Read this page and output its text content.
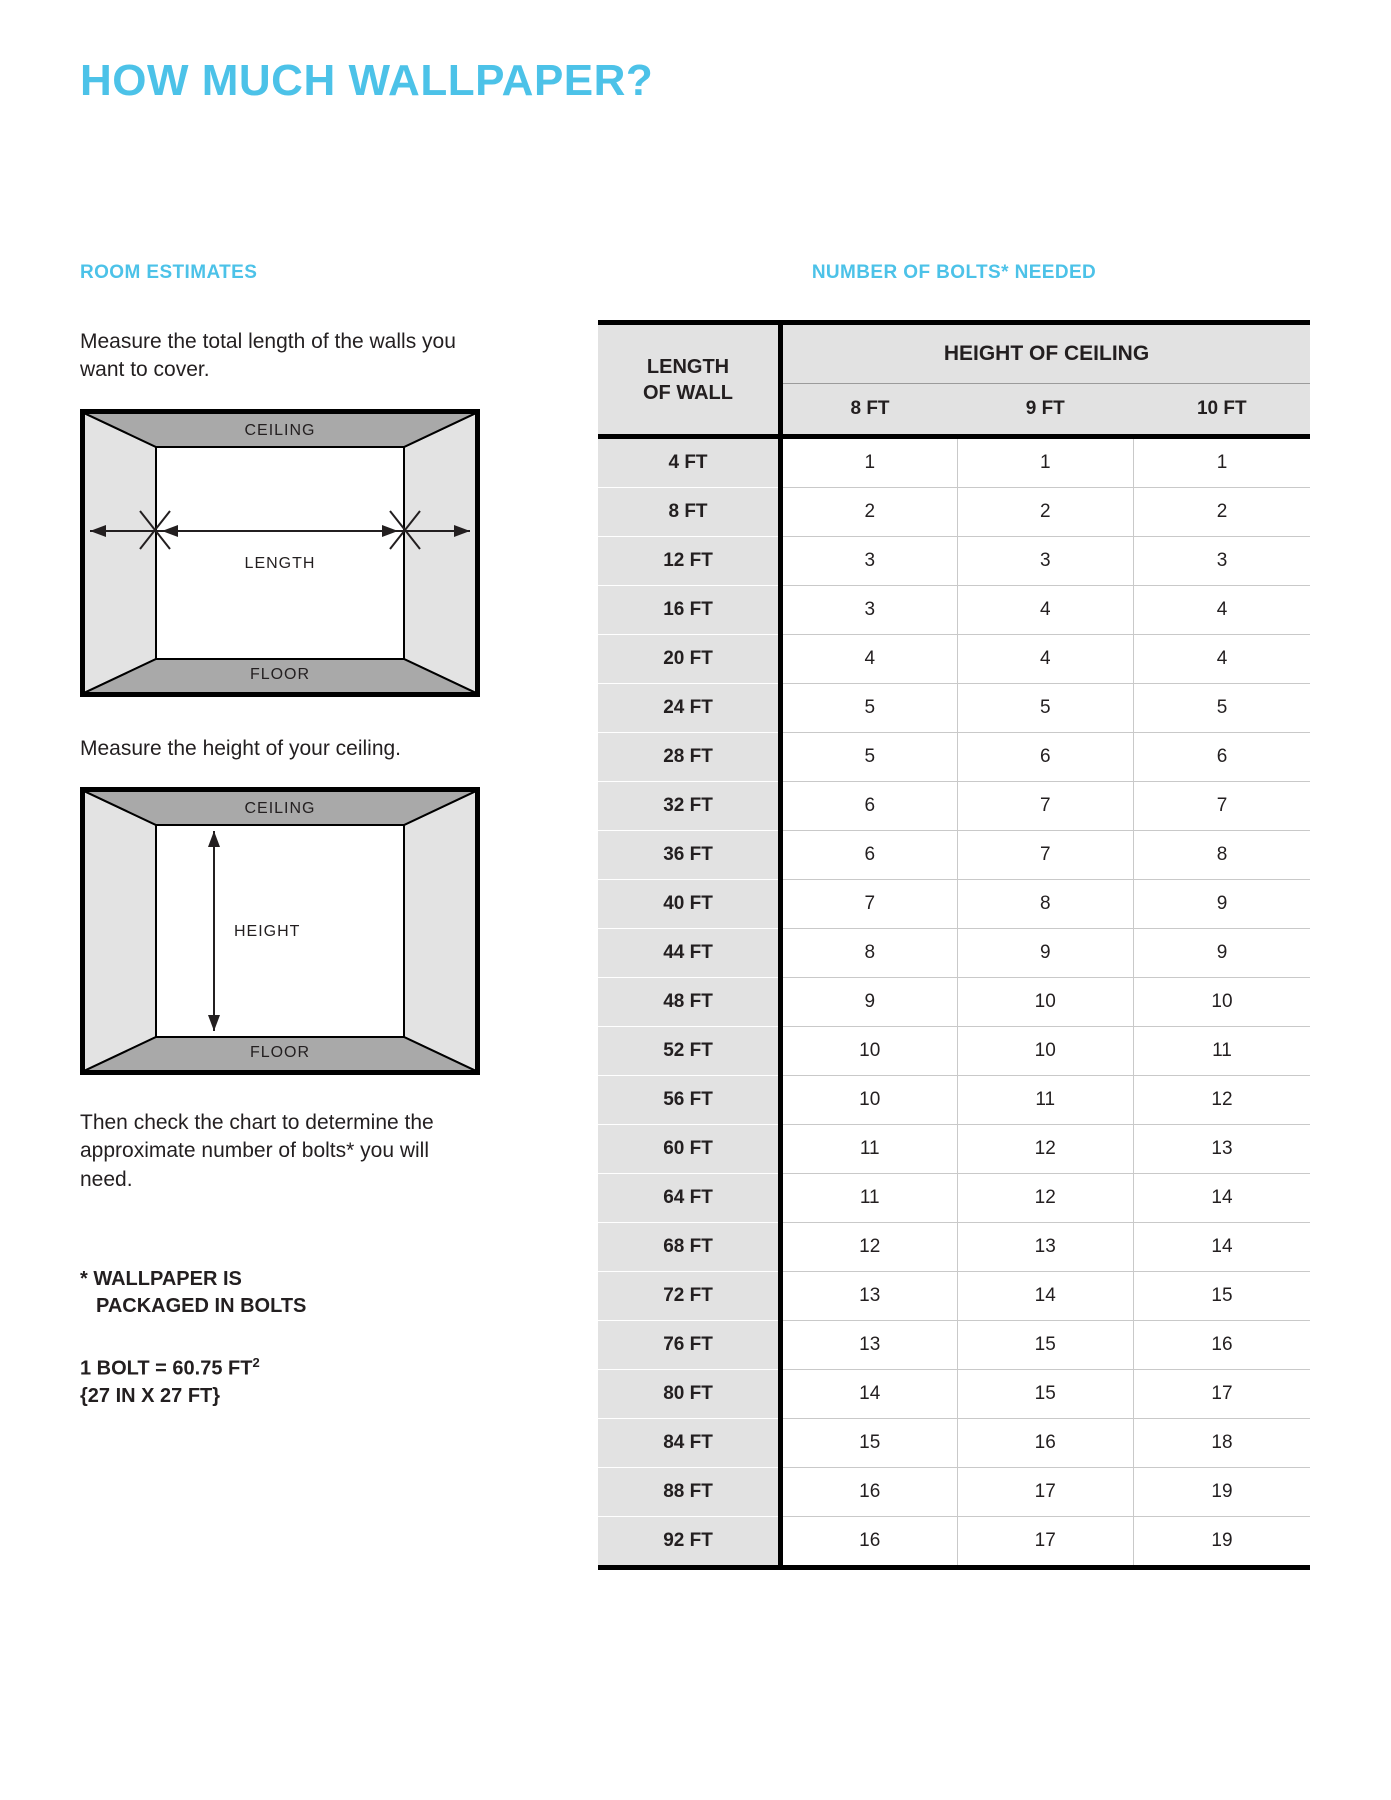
HOW MUCH WALLPAPER?
ROOM ESTIMATES
Measure the total length of the walls you want to cover.
CEILING
FLOOR
LENGTH
Measure the height of your ceiling.
CEILING
FLOOR
HEIGHT
Then check the chart to determine the approximate number of bolts* you will need.
* WALLPAPER IS
PACKAGED IN BOLTS
1 BOLT = 60.75 $FT^2$
{27 IN X 27 FT}
NUMBER OF BOLTS* NEEDED
LENGTH
OF WALL	HEIGHT OF CEILING		
	8 FT	9 FT	10 FT
4 FT	1	1	1
8 FT	2	2	2
12 FT	3	3	3
16 FT	3	4	4
20 FT	4	4	4
24 FT	5	5	5
28 FT	5	6	6
32 FT	6	7	7
36 FT	6	7	8
40 FT	7	8	9
44 FT	8	9	9
48 FT	9	10	10
52 FT	10	10	11
56 FT	10	11	12
60 FT	11	12	13
64 FT	11	12	14
68 FT	12	13	14
72 FT	13	14	15
76 FT	13	15	16
80 FT	14	15	17
84 FT	15	16	18
88 FT	16	17	19
92 FT	16	17	19
